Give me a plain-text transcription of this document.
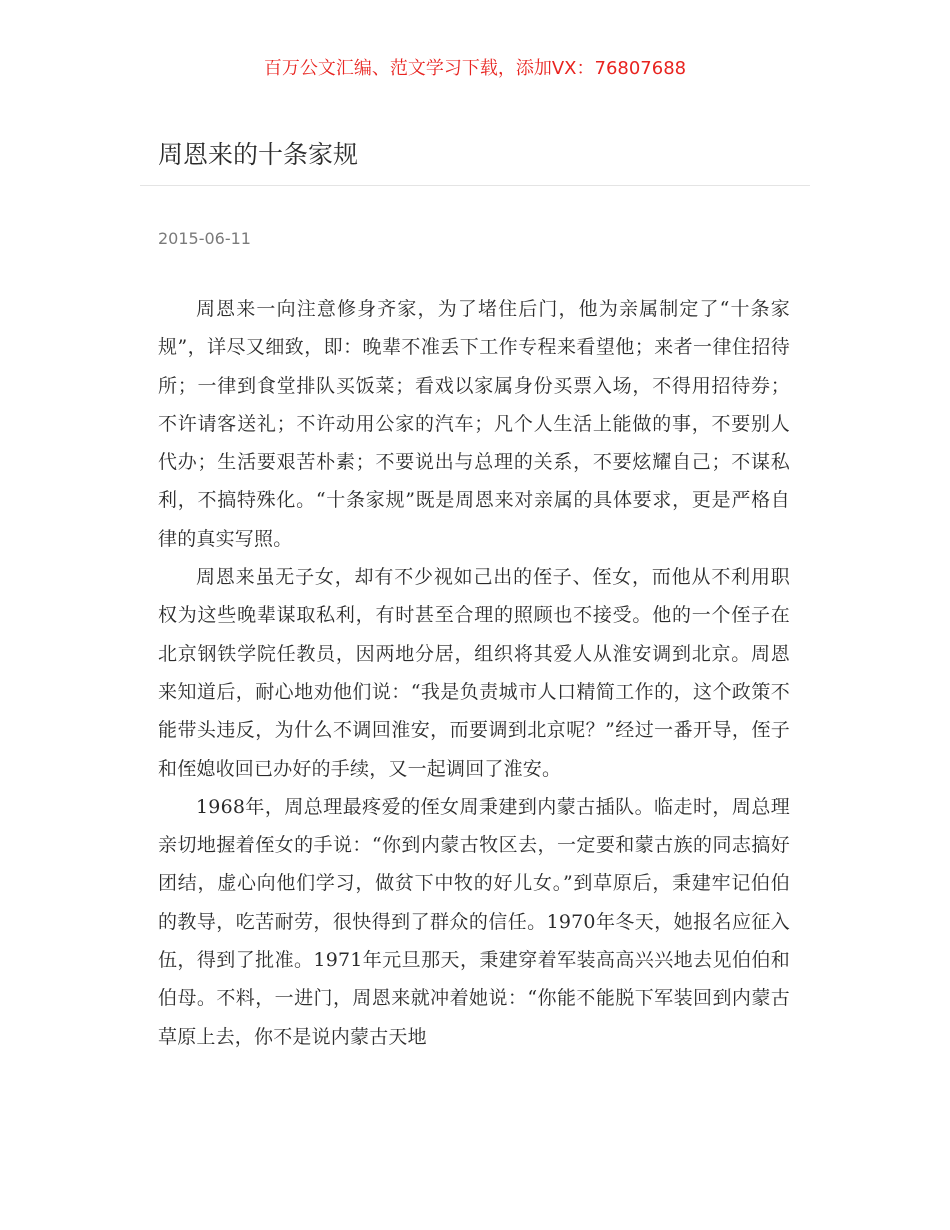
百万公文汇编、范文学习下载，添加VX：76807688
周恩来的十条家规
2015-06-11

周恩来一向注意修身齐家，为了堵住后门，他为亲属制定了“十条家规”，详尽又细致，即：晚辈不准丢下工作专程来看望他；来者一律住招待所；一律到食堂排队买饭菜；看戏以家属身份买票入场，不得用招待券；不许请客送礼；不许动用公家的汽车；凡个人生活上能做的事，不要别人代办；生活要艰苦朴素；不要说出与总理的关系，不要炫耀自己；不谋私利，不搞特殊化。“十条家规”既是周恩来对亲属的具体要求，更是严格自律的真实写照。

周恩来虽无子女，却有不少视如己出的侄子、侄女，而他从不利用职权为这些晚辈谋取私利，有时甚至合理的照顾也不接受。他的一个侄子在北京钢铁学院任教员，因两地分居，组织将其爱人从淮安调到北京。周恩来知道后，耐心地劝他们说：“我是负责城市人口精简工作的，这个政策不能带头违反，为什么不调回淮安，而要调到北京呢？”经过一番开导，侄子和侄媳收回已办好的手续，又一起调回了淮安。

1968年，周总理最疼爱的侄女周秉建到内蒙古插队。临走时，周总理亲切地握着侄女的手说：“你到内蒙古牧区去，一定要和蒙古族的同志搞好团结，虚心向他们学习，做贫下中牧的好儿女。”到草原后，秉建牢记伯伯的教导，吃苦耐劳，很快得到了群众的信任。1970年冬天，她报名应征入伍，得到了批准。1971年元旦那天，秉建穿着军装高高兴兴地去见伯伯和伯母。不料，一进门，周恩来就冲着她说：“你能不能脱下军装回到内蒙古草原上去，你不是说内蒙古天地
